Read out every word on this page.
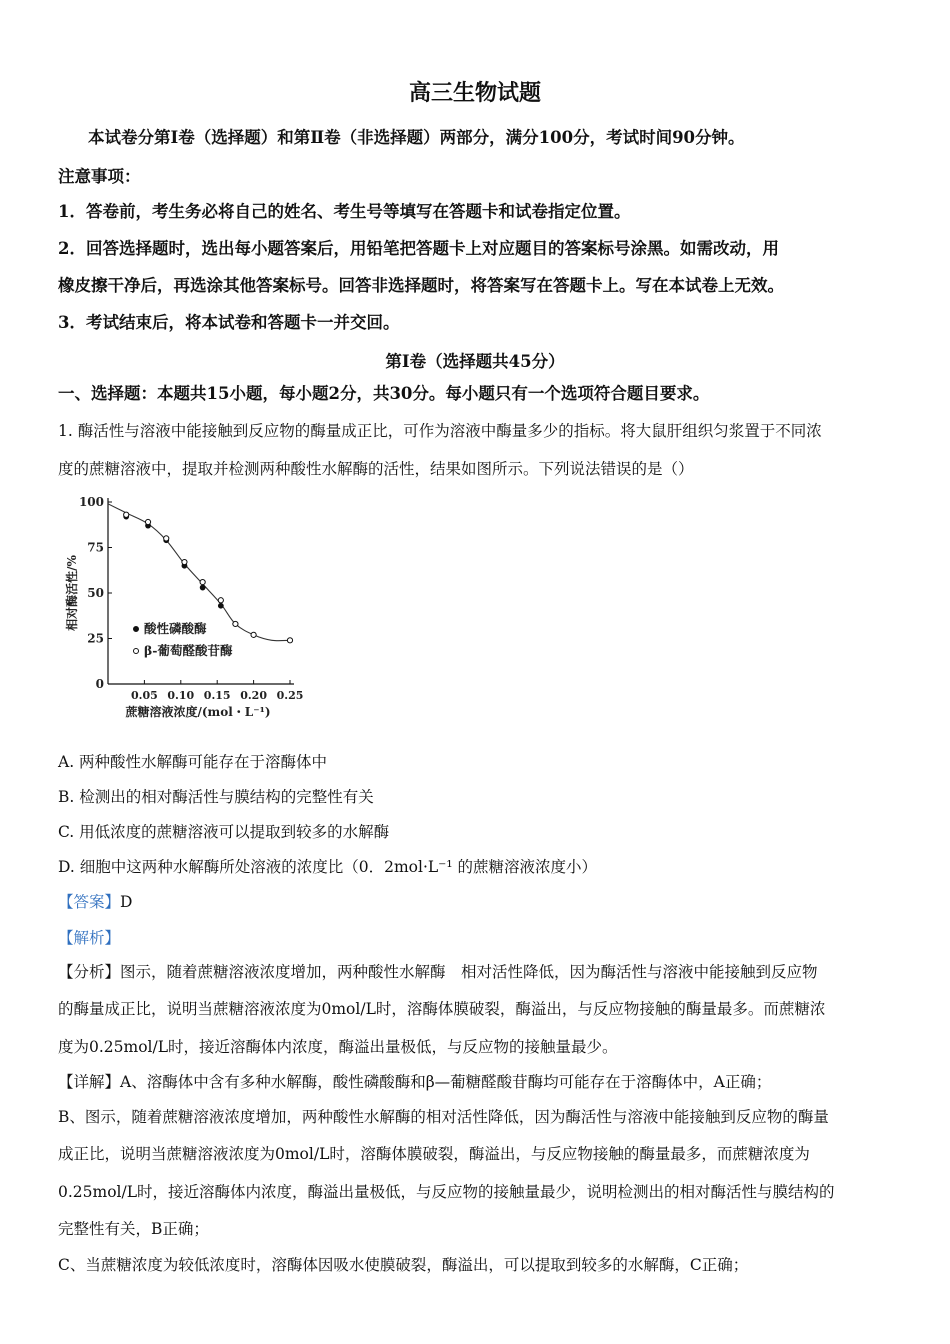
高三生物试题
本试卷分第Ⅰ卷（选择题）和第Ⅱ卷（非选择题）两部分，满分100分，考试时间90分钟。
注意事项：
1．答卷前，考生务必将自己的姓名、考生号等填写在答题卡和试卷指定位置。
2．回答选择题时，选出每小题答案后，用铅笔把答题卡上对应题目的答案标号涂黑。如需改动，用
橡皮擦干净后，再选涂其他答案标号。回答非选择题时，将答案写在答题卡上。写在本试卷上无效。
3．考试结束后，将本试卷和答题卡一并交回。
第Ⅰ卷（选择题共45分）
一、选择题：本题共15小题，每小题2分，共30分。每小题只有一个选项符合题目要求。
1. 酶活性与溶液中能接触到反应物的酶量成正比，可作为溶液中酶量多少的指标。将大鼠肝组织匀浆置于不同浓
度的蔗糖溶液中，提取并检测两种酸性水解酶的活性，结果如图所示。下列说法错误的是（）
0
25
50
75
100
0.05 0.10 0.15 0.20 0.25
蔗糖溶液浓度/(mol・L⁻¹)
相对酶活性/%	酸性磷酸酶
β-葡萄醛酸苷酶
A. 两种酸性水解酶可能存在于溶酶体中
B. 检测出的相对酶活性与膜结构的完整性有关
C. 用低浓度的蔗糖溶液可以提取到较多的水解酶
D. 细胞中这两种水解酶所处溶液的浓度比（0．2mol·L⁻¹ 的蔗糖溶液浓度小）
【答案】D
【解析】
【分析】图示，随着蔗糖溶液浓度增加，两种酸性水解酶　相对活性降低，因为酶活性与溶液中能接触到反应物
的酶量成正比，说明当蔗糖溶液浓度为0mol/L时，溶酶体膜破裂，酶溢出，与反应物接触的酶量最多。而蔗糖浓
度为0.25mol/L时，接近溶酶体内浓度，酶溢出量极低，与反应物的接触量最少。
【详解】A、溶酶体中含有多种水解酶，酸性磷酸酶和β—葡糖醛酸苷酶均可能存在于溶酶体中，A正确；
B、图示，随着蔗糖溶液浓度增加，两种酸性水解酶的相对活性降低，因为酶活性与溶液中能接触到反应物的酶量
成正比，说明当蔗糖溶液浓度为0mol/L时，溶酶体膜破裂，酶溢出，与反应物接触的酶量最多，而蔗糖浓度为
0.25mol/L时，接近溶酶体内浓度，酶溢出量极低，与反应物的接触量最少，说明检测出的相对酶活性与膜结构的
完整性有关，B正确；
C、当蔗糖浓度为较低浓度时，溶酶体因吸水使膜破裂，酶溢出，可以提取到较多的水解酶，C正确；
